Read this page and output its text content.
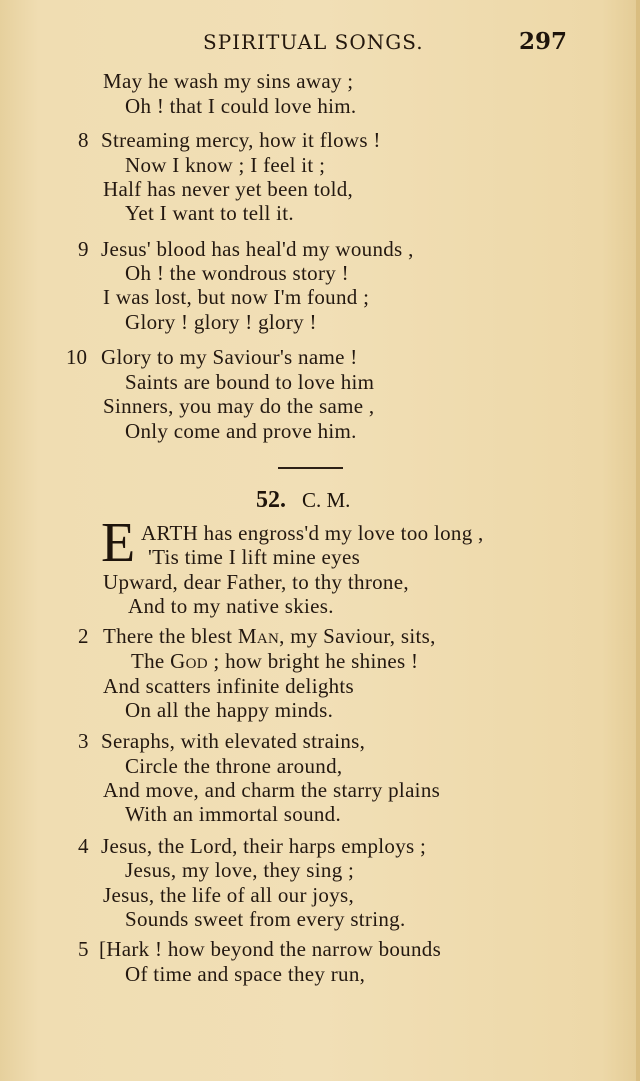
SPIRITUAL SONGS.	297
May he wash my sins away ;
Oh ! that I could love him.
8 Streaming mercy, how it flows !
Now I know ; I feel it ;
Half has never yet been told,
Yet I want to tell it.
9 Jesus' blood has heal'd my wounds ,
Oh ! the wondrous story !
I was lost, but now I'm found ;
Glory ! glory ! glory !
10 Glory to my Saviour's name !
Saints are bound to love him
Sinners, you may do the same ,
Only come and prove him.
52. C. M.
E ARTH has engross'd my love too long ,
'Tis time I lift mine eyes
Upward, dear Father, to thy throne,
And to my native skies.
2 There the blest Man, my Saviour, sits,
The God ; how bright he shines !
And scatters infinite delights
On all the happy minds.
3 Seraphs, with elevated strains,
Circle the throne around,
And move, and charm the starry plains
With an immortal sound.
4 Jesus, the Lord, their harps employs ;
Jesus, my love, they sing ;
Jesus, the life of all our joys,
Sounds sweet from every string.
5 [Hark ! how beyond the narrow bounds
Of time and space they run,
